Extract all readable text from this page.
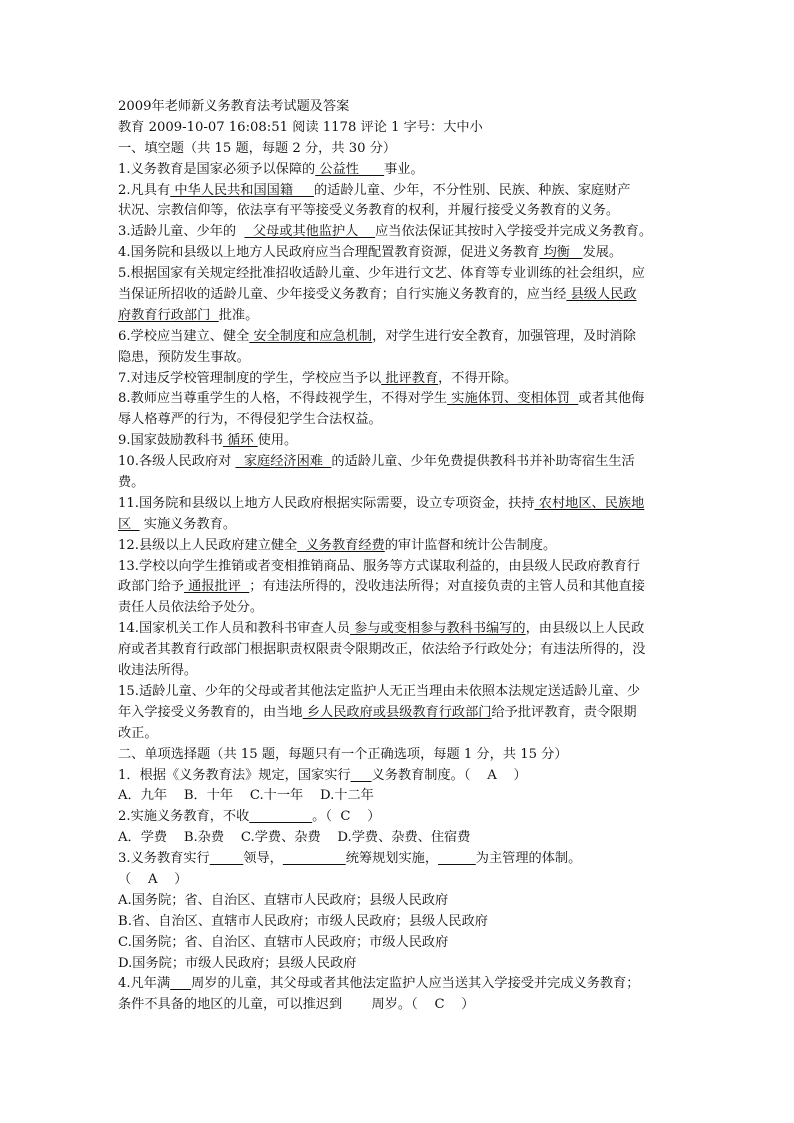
2009年老师新义务教育法考试题及答案
教育 2009-10-07 16:08:51 阅读 1178 评论 1 字号：大中小
一、填空题（共 15 题，每题 2 分，共 30 分）
1.义务教育是国家必须予以保障的 公益性      事业。
2.凡具有 中华人民共和国国籍     的适龄儿童、少年，不分性别、民族、种族、家庭财产
状况、宗教信仰等，依法享有平等接受义务教育的权利，并履行接受义务教育的义务。
3.适龄儿童、少年的    父母或其他监护人    应当依法保证其按时入学接受并完成义务教育。
4.国务院和县级以上地方人民政府应当合理配置教育资源，促进义务教育 均衡   发展。
5.根据国家有关规定经批准招收适龄儿童、少年进行文艺、体育等专业训练的社会组织，应
当保证所招收的适龄儿童、少年接受义务教育；自行实施义务教育的，应当经 县级人民政
府教育行政部门  批准。
6.学校应当建立、健全 安全制度和应急机制，对学生进行安全教育，加强管理，及时消除
隐患，预防发生事故。
7.对违反学校管理制度的学生，学校应当予以 批评教育，不得开除。
8.教师应当尊重学生的人格，不得歧视学生，不得对学生 实施体罚、变相体罚  或者其他侮
辱人格尊严的行为，不得侵犯学生合法权益。
9.国家鼓励教科书 循环 使用。
10.各级人民政府对   家庭经济困难  的适龄儿童、少年免费提供教科书并补助寄宿生生活
费。
11.国务院和县级以上地方人民政府根据实际需要，设立专项资金，扶持 农村地区、民族地
区   实施义务教育。
12.县级以上人民政府建立健全  义务教育经费的审计监督和统计公告制度。
13.学校以向学生推销或者变相推销商品、服务等方式谋取利益的，由县级人民政府教育行
政部门给予 通报批评  ；有违法所得的，没收违法所得；对直接负责的主管人员和其他直接
责任人员依法给予处分。
14.国家机关工作人员和教科书审查人员 参与或变相参与教科书编写的，由县级以上人民政
府或者其教育行政部门根据职责权限责令限期改正，依法给予行政处分；有违法所得的，没
收违法所得。
15.适龄儿童、少年的父母或者其他法定监护人无正当理由未依照本法规定送适龄儿童、少
年入学接受义务教育的，由当地 乡人民政府或县级教育行政部门给予批评教育，责令限期
改正。
二、单项选择题（共 15 题，每题只有一个正确选项，每题 1 分，共 15 分）
1．根据《义务教育法》规定，国家实行 义务教育制度。（    A    ）
A．九年    B．十年    C.十一年    D.十二年
2.实施义务教育，不收	。（  C    ）
A．学费    B.杂费    C.学费、杂费    D.学费、杂费、住宿费
3.义务教育实行	领导，	统筹规划实施，	为主管理的体制。
（    A    ）
A.国务院；省、自治区、直辖市人民政府；县级人民政府
B.省、自治区、直辖市人民政府；市级人民政府；县级人民政府
C.国务院；省、自治区、直辖市人民政府；市级人民政府
D.国务院；市级人民政府；县级人民政府
4.凡年满 周岁的儿童，其父母或者其他法定监护人应当送其入学接受并完成义务教育；
条件不具备的地区的儿童，可以推迟到       周岁。（    C    ）
